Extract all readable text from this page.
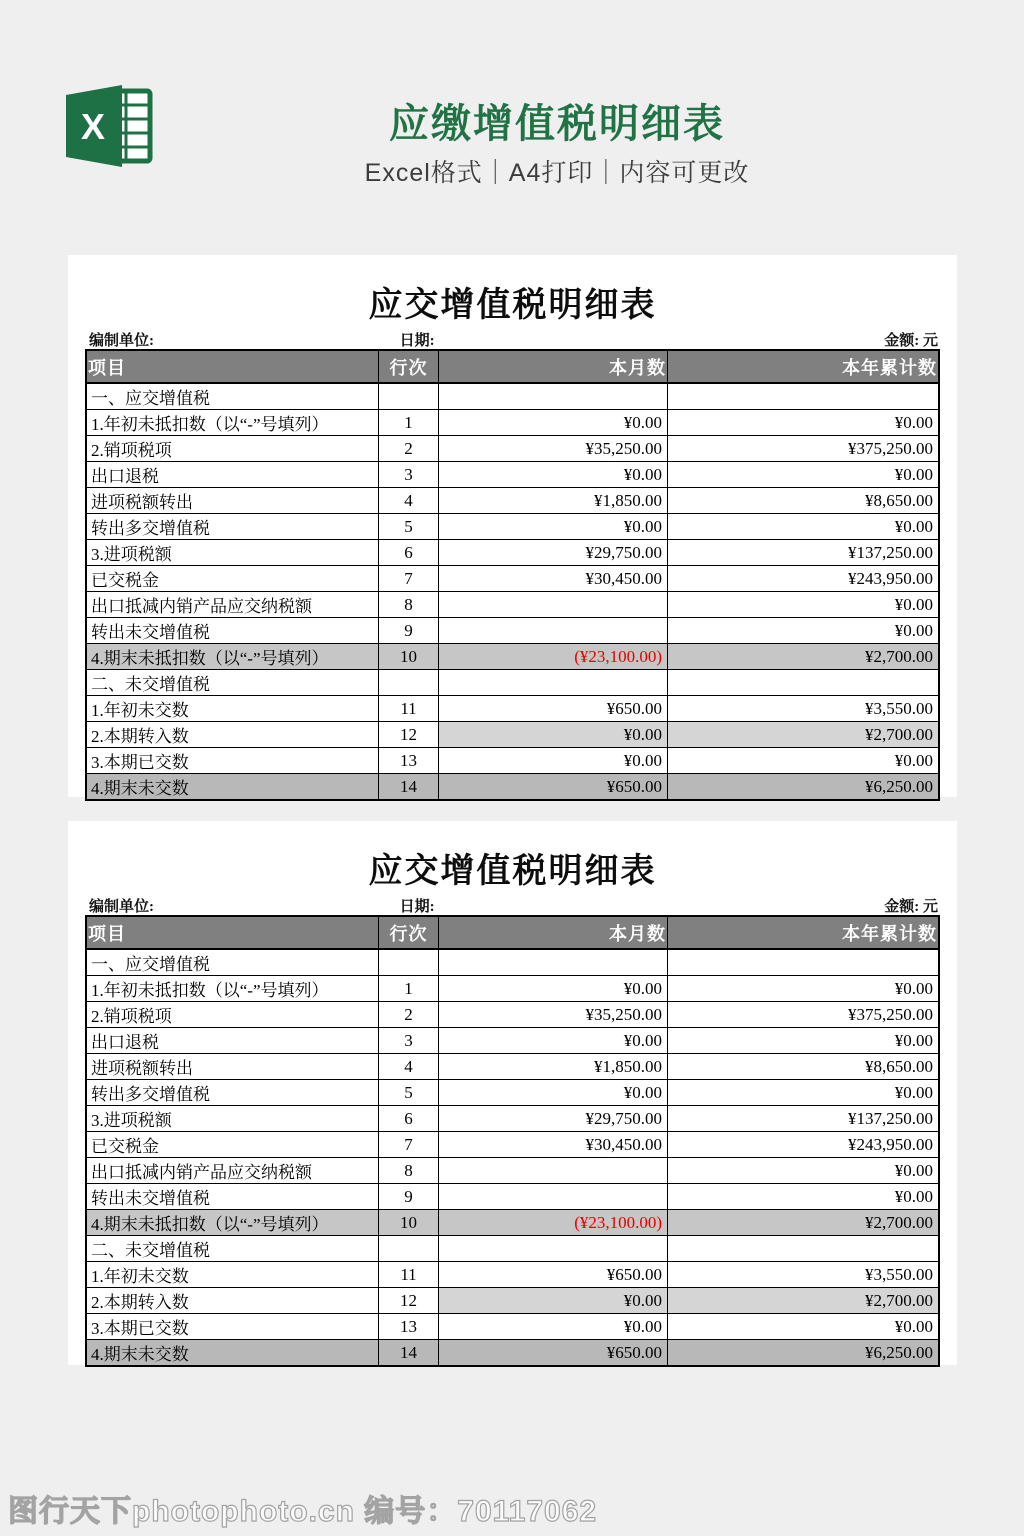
X	应缴增值税明细表

Excel格式｜A4打印｜内容可更改

应交增值税明细表
编制单位:	日期:	金额: 元
项目	行次	本月数	本年累计数
一、应交增值税			
1.年初未抵扣数（以“-”号填列）	1	¥0.00	¥0.00
2.销项税项	2	¥35,250.00	¥375,250.00
出口退税	3	¥0.00	¥0.00
进项税额转出	4	¥1,850.00	¥8,650.00
转出多交增值税	5	¥0.00	¥0.00
3.进项税额	6	¥29,750.00	¥137,250.00
已交税金	7	¥30,450.00	¥243,950.00
出口抵减内销产品应交纳税额	8		¥0.00
转出未交增值税	9		¥0.00
4.期末未抵扣数（以“-”号填列）	10	(¥23,100.00)	¥2,700.00
二、未交增值税			
1.年初未交数	11	¥650.00	¥3,550.00
2.本期转入数	12	¥0.00	¥2,700.00
3.本期已交数	13	¥0.00	¥0.00
4.期末未交数	14	¥650.00	¥6,250.00
应交增值税明细表
编制单位:	日期:	金额: 元
项目	行次	本月数	本年累计数
一、应交增值税			
1.年初未抵扣数（以“-”号填列）	1	¥0.00	¥0.00
2.销项税项	2	¥35,250.00	¥375,250.00
出口退税	3	¥0.00	¥0.00
进项税额转出	4	¥1,850.00	¥8,650.00
转出多交增值税	5	¥0.00	¥0.00
3.进项税额	6	¥29,750.00	¥137,250.00
已交税金	7	¥30,450.00	¥243,950.00
出口抵减内销产品应交纳税额	8		¥0.00
转出未交增值税	9		¥0.00
4.期末未抵扣数（以“-”号填列）	10	(¥23,100.00)	¥2,700.00
二、未交增值税			
1.年初未交数	11	¥650.00	¥3,550.00
2.本期转入数	12	¥0.00	¥2,700.00
3.本期已交数	13	¥0.00	¥0.00
4.期末未交数	14	¥650.00	¥6,250.00
图行天下photophoto.cn 编号：70117062
